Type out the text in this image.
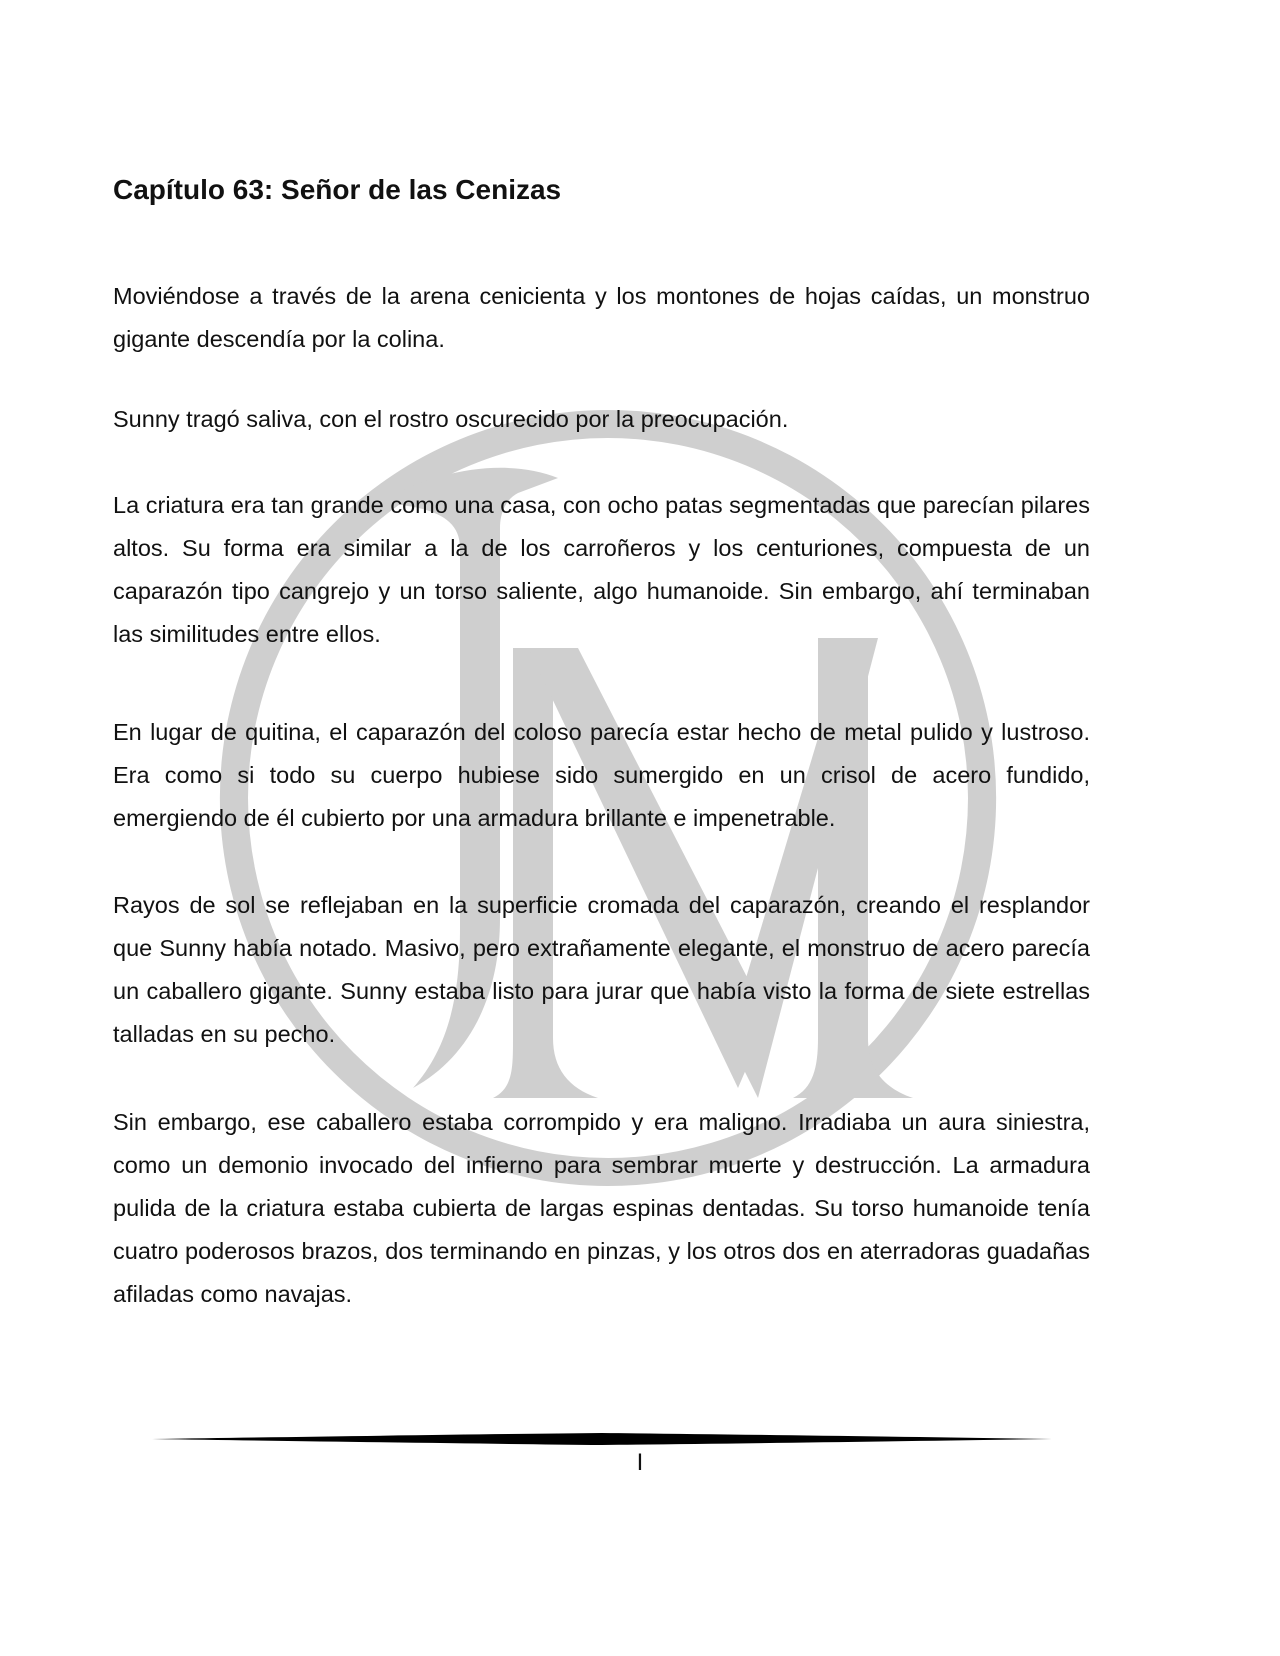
Capítulo 63: Señor de las Cenizas

Moviéndose a través de la arena cenicienta y los montones de hojas caídas, un monstruo gigante descendía por la colina.

Sunny tragó saliva, con el rostro oscurecido por la preocupación.

La criatura era tan grande como una casa, con ocho patas segmentadas que parecían pilares altos. Su forma era similar a la de los carroñeros y los centuriones, compuesta de un caparazón tipo cangrejo y un torso saliente, algo humanoide. Sin embargo, ahí terminaban las similitudes entre ellos.

En lugar de quitina, el caparazón del coloso parecía estar hecho de metal pulido y lustroso. Era como si todo su cuerpo hubiese sido sumergido en un crisol de acero fundido, emergiendo de él cubierto por una armadura brillante e impenetrable.

Rayos de sol se reflejaban en la superficie cromada del caparazón, creando el resplandor que Sunny había notado. Masivo, pero extrañamente elegante, el monstruo de acero parecía un caballero gigante. Sunny estaba listo para jurar que había visto la forma de siete estrellas talladas en su pecho.

Sin embargo, ese caballero estaba corrompido y era maligno. Irradiaba un aura siniestra, como un demonio invocado del infierno para sembrar muerte y destrucción. La armadura pulida de la criatura estaba cubierta de largas espinas dentadas. Su torso humanoide tenía cuatro poderosos brazos, dos terminando en pinzas, y los otros dos en aterradoras guadañas afiladas como navajas.

I
